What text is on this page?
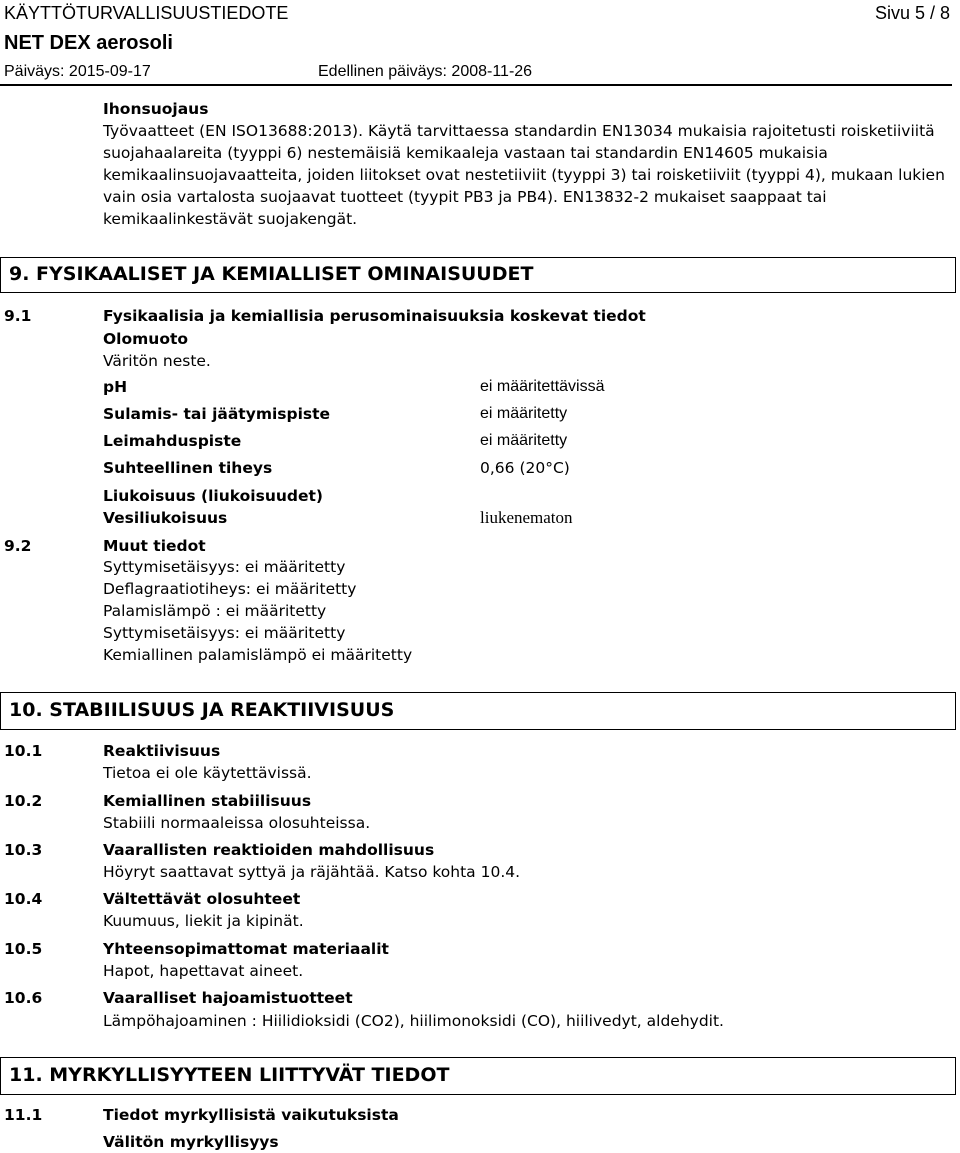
KÄYTTÖTURVALLISUUSTIEDOTE	Sivu 5 / 8
NET DEX aerosoli
Päiväys: 2015-09-17	Edellinen päiväys: 2008-11-26
Ihonsuojaus
Työvaatteet (EN ISO13688:2013). Käytä tarvittaessa standardin EN13034 mukaisia rajoitetusti roisketiiviitä
suojahaalareita (tyyppi 6) nestemäisiä kemikaaleja vastaan tai standardin EN14605 mukaisia
kemikaalinsuojavaatteita, joiden liitokset ovat nestetiiviit (tyyppi 3) tai roisketiiviit (tyyppi 4), mukaan lukien
vain osia vartalosta suojaavat tuotteet (tyypit PB3 ja PB4). EN13832-2 mukaiset saappaat tai
kemikaalinkestävät suojakengät.
9. FYSIKAALISET JA KEMIALLISET OMINAISUUDET
9.1	Fysikaalisia ja kemiallisia perusominaisuuksia koskevat tiedot
Olomuoto
Väritön neste.
pH	ei määritettävissä
Sulamis- tai jäätymispiste	ei määritetty
Leimahduspiste	ei määritetty
Suhteellinen tiheys	0,66 (20°C)
Liukoisuus (liukoisuudet)
Vesiliukoisuus	liukenematon
9.2	Muut tiedot
Syttymisetäisyys: ei määritetty
Deflagraatiotiheys: ei määritetty
Palamislämpö : ei määritetty
Syttymisetäisyys: ei määritetty
Kemiallinen palamislämpö ei määritetty
10. STABIILISUUS JA REAKTIIVISUUS
10.1	Reaktiivisuus
Tietoa ei ole käytettävissä.
10.2	Kemiallinen stabiilisuus
Stabiili normaaleissa olosuhteissa.
10.3	Vaarallisten reaktioiden mahdollisuus
Höyryt saattavat syttyä ja räjähtää. Katso kohta 10.4.
10.4	Vältettävät olosuhteet
Kuumuus, liekit ja kipinät.
10.5	Yhteensopimattomat materiaalit
Hapot, hapettavat aineet.
10.6	Vaaralliset hajoamistuotteet
Lämpöhajoaminen : Hiilidioksidi (CO2), hiilimonoksidi (CO), hiilivedyt, aldehydit.
11. MYRKYLLISYYTEEN LIITTYVÄT TIEDOT
11.1	Tiedot myrkyllisistä vaikutuksista
Välitön myrkyllisyys
